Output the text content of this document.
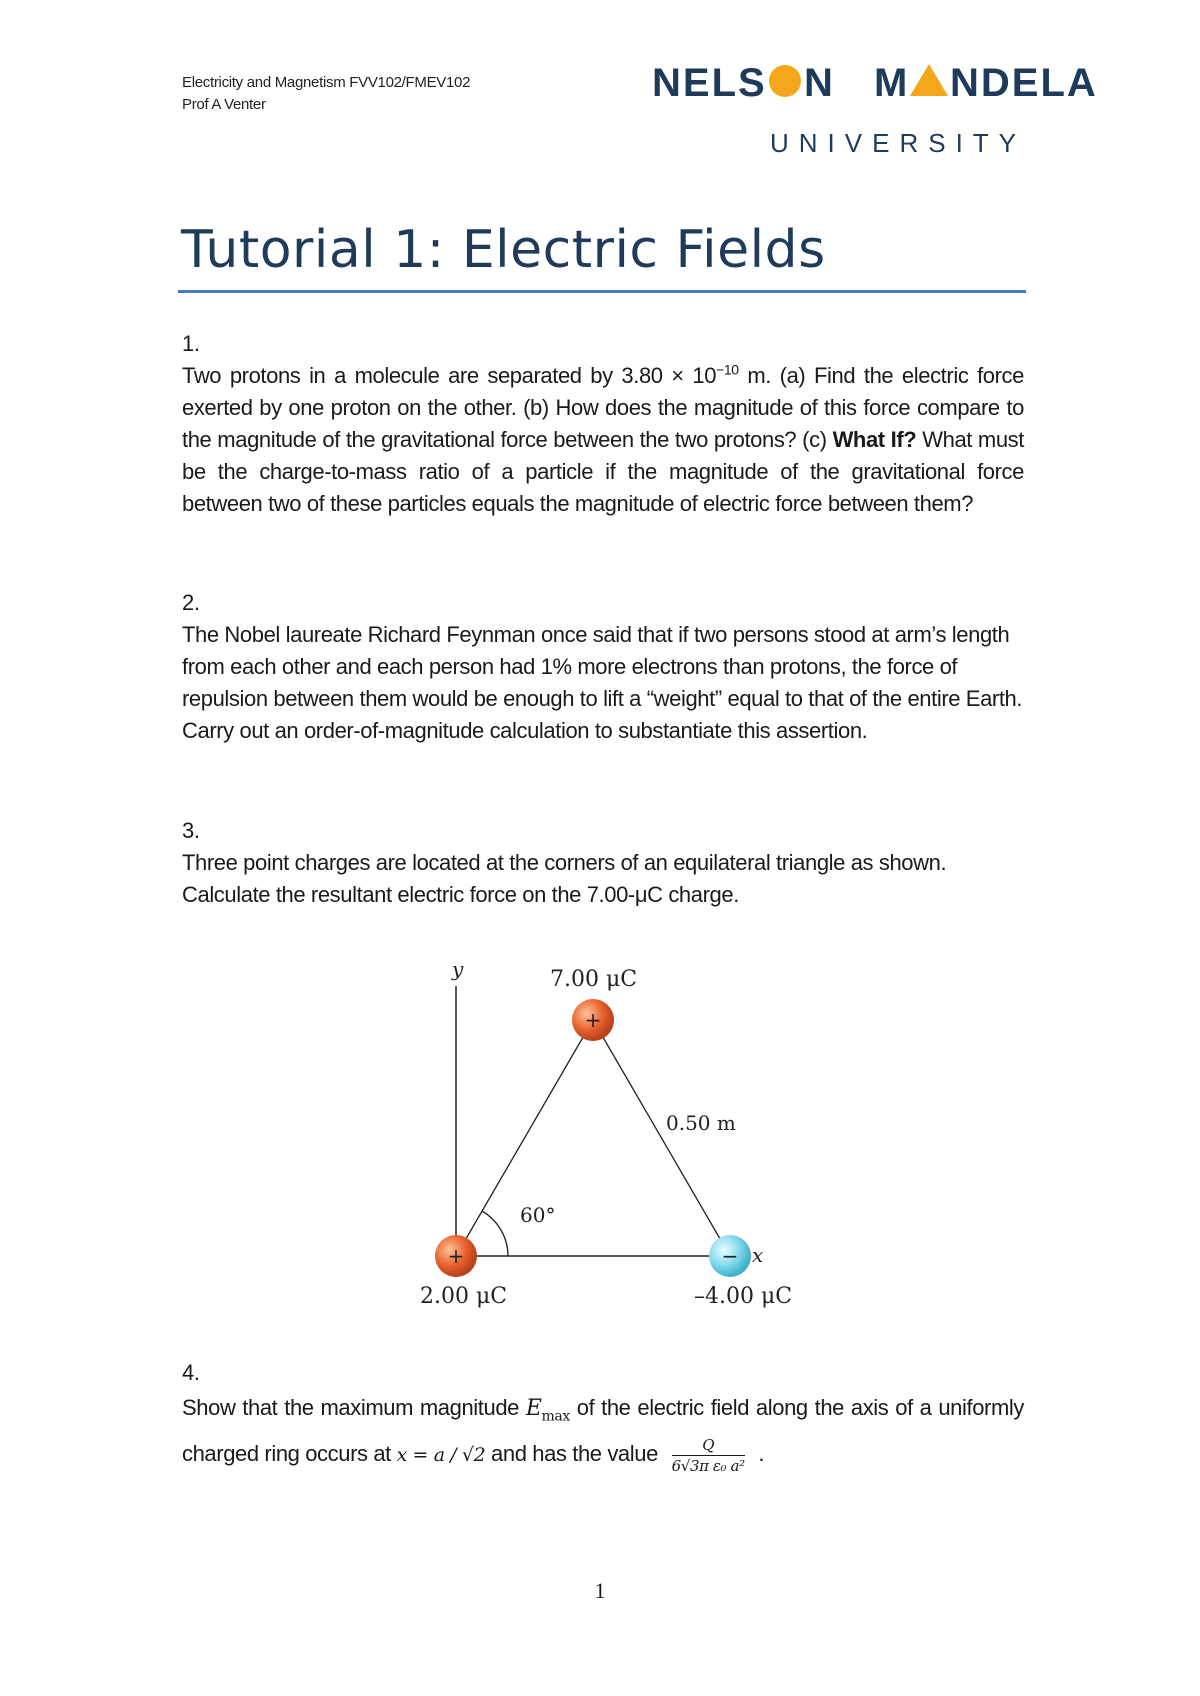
Electricity and Magnetism FVV102/FMEV102
Prof A Venter	NELS N M NDELA
UNIVERSITY
Tutorial 1: Electric Fields
1.

Two protons in a molecule are separated by $3.80 \times 10^{-10}$ m. (a) Find the electric force exerted by one proton on the other. (b) How does the magnitude of this force compare to the magnitude of the gravitational force between the two protons? (c) What If? What must be the charge-to-mass ratio of a particle if the magnitude of the gravitational force between two of these particles equals the magnitude of electric force between them?

2.

The Nobel laureate Richard Feynman once said that if two persons stood at arm’s length from each other and each person had 1% more electrons than protons, the force of repulsion between them would be enough to lift a “weight” equal to that of the entire Earth. Carry out an order-of-magnitude calculation to substantiate this assertion.

3.

Three point charges are located at the corners of an equilateral triangle as shown. Calculate the resultant electric force on the 7.00-μC charge.

y
x
60°
0.50 m
+
7.00 μC
+
2.00 μC
−
–4.00 μC
4.

Show that the maximum magnitude $E_{max}$ of the electric field along the axis of a uniformly charged ring occurs at x = a / √2 and has the value $\frac{Q}{\text{6√3π ε₀ a²}}$ .

1
